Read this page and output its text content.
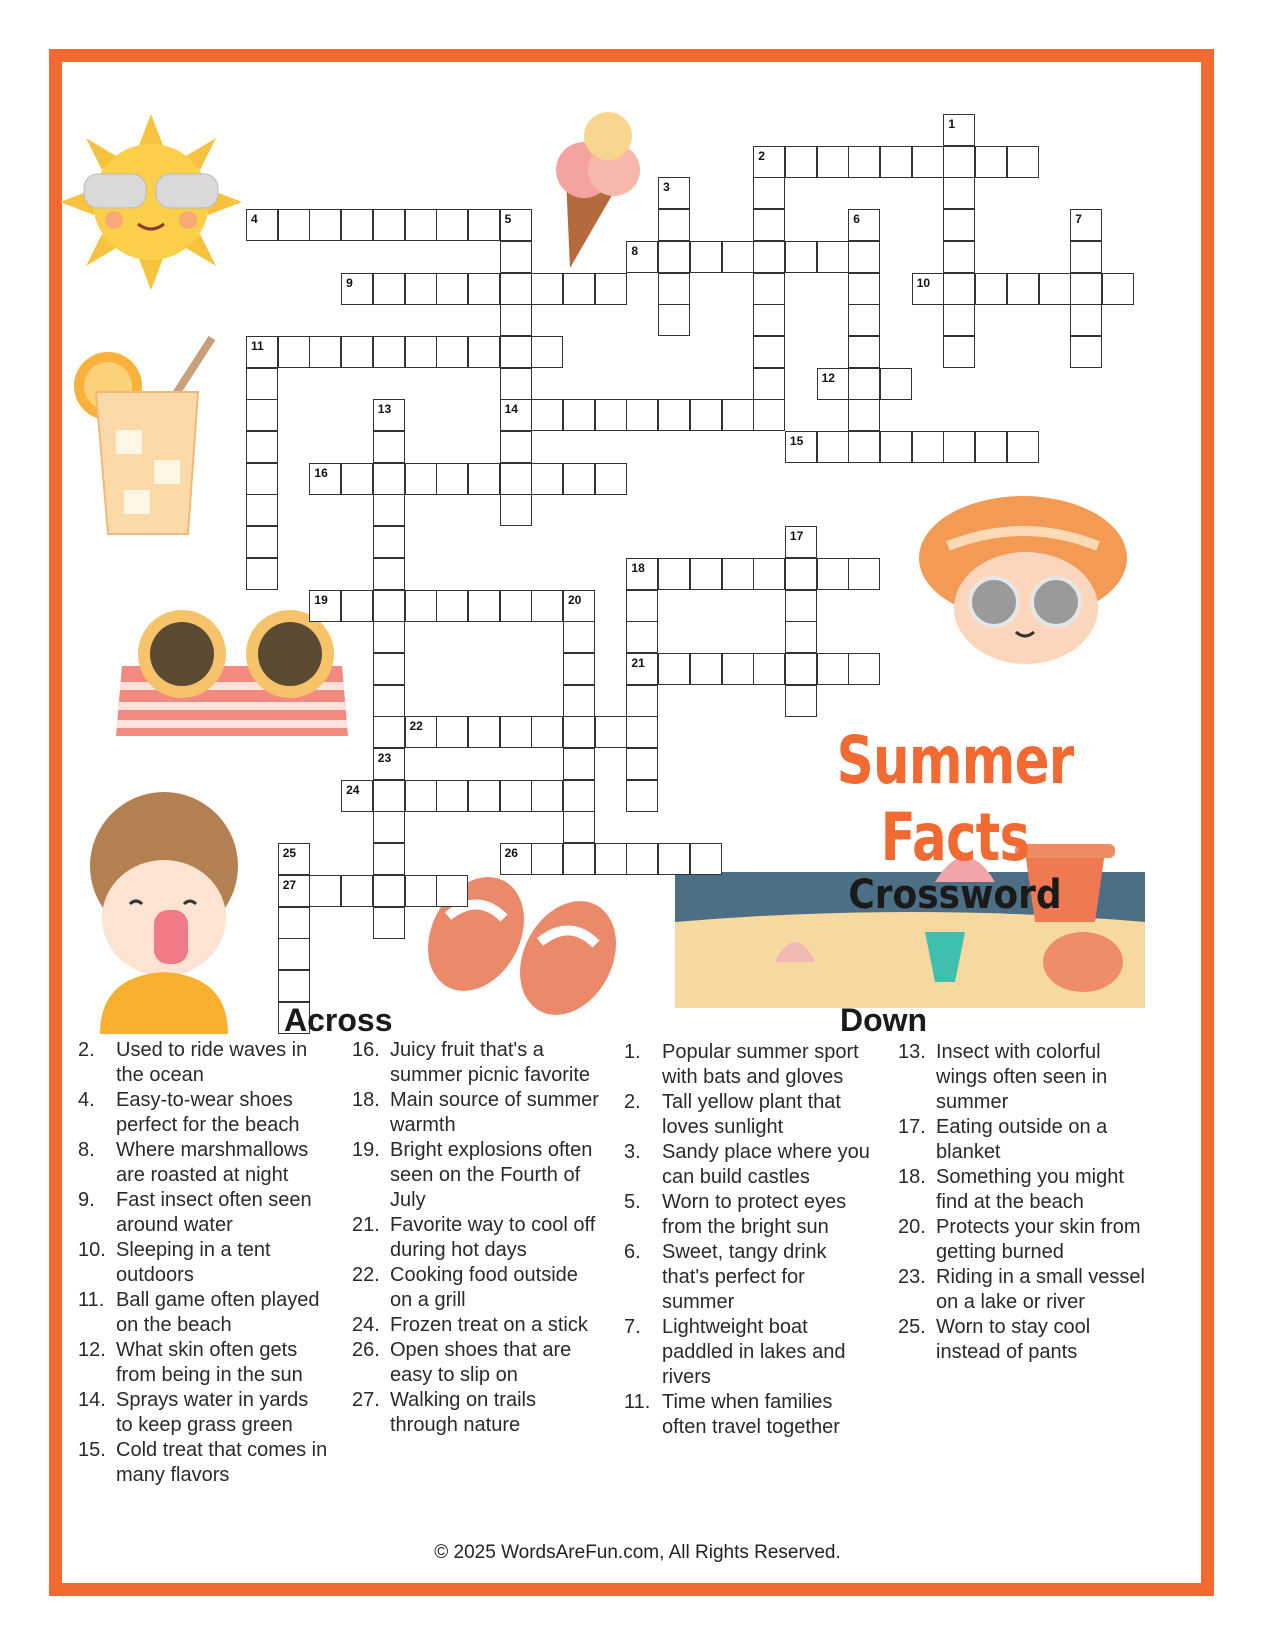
1
2
3
4	5	6	7
8
9	10
11
12
13	14
15
16
17
18
19	20
21
22
23
24
25	26
27
Summer Facts
Crossword
Across	Down
2. Used to ride waves in the ocean
4. Easy-to-wear shoes perfect for the beach
8. Where marshmallows are roasted at night
9. Fast insect often seen around water
10. Sleeping in a tent outdoors
11. Ball game often played on the beach
12. What skin often gets from being in the sun
14. Sprays water in yards to keep grass green
15. Cold treat that comes in many flavors
16. Juicy fruit that's a summer picnic favorite
18. Main source of summer warmth
19. Bright explosions often seen on the Fourth of July
21. Favorite way to cool off during hot days
22. Cooking food outside on a grill
24. Frozen treat on a stick
26. Open shoes that are easy to slip on
27. Walking on trails through nature
1. Popular summer sport with bats and gloves
2. Tall yellow plant that loves sunlight
3. Sandy place where you can build castles
5. Worn to protect eyes from the bright sun
6. Sweet, tangy drink that's perfect for summer
7. Lightweight boat paddled in lakes and rivers
11. Time when families often travel together
13. Insect with colorful wings often seen in summer
17. Eating outside on a blanket
18. Something you might find at the beach
20. Protects your skin from getting burned
23. Riding in a small vessel on a lake or river
25. Worn to stay cool instead of pants
© 2025 WordsAreFun.com, All Rights Reserved.
